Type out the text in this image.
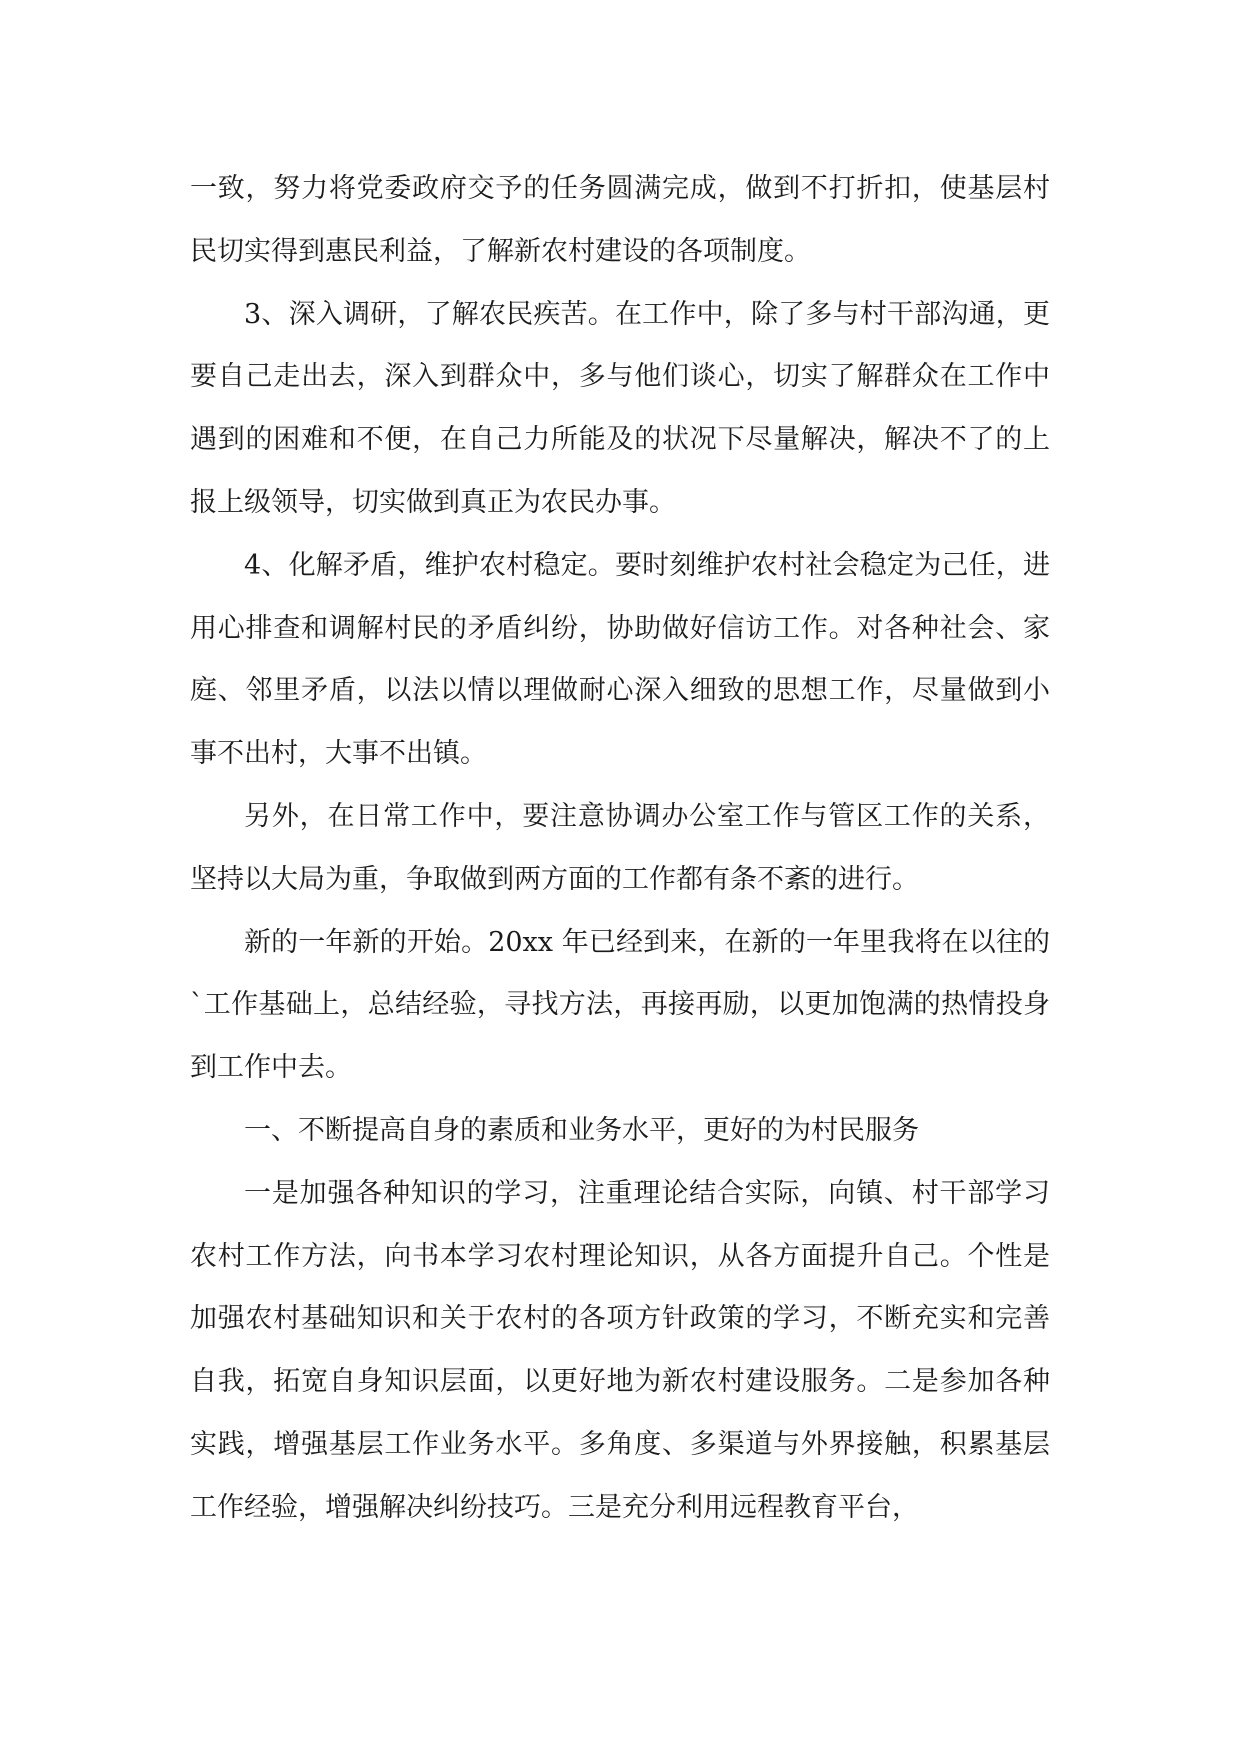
一致，努力将党委政府交予的任务圆满完成，做到不打折扣，使基层村民切实得到惠民利益，了解新农村建设的各项制度。

3、深入调研，了解农民疾苦。在工作中，除了多与村干部沟通，更要自己走出去，深入到群众中，多与他们谈心，切实了解群众在工作中遇到的困难和不便，在自己力所能及的状况下尽量解决，解决不了的上报上级领导，切实做到真正为农民办事。

4、化解矛盾，维护农村稳定。要时刻维护农村社会稳定为己任，进用心排查和调解村民的矛盾纠纷，协助做好信访工作。对各种社会、家庭、邻里矛盾，以法以情以理做耐心深入细致的思想工作，尽量做到小事不出村，大事不出镇。

另外，在日常工作中，要注意协调办公室工作与管区工作的关系，坚持以大局为重，争取做到两方面的工作都有条不紊的进行。

新的一年新的开始。20xx 年已经到来，在新的一年里我将在以往的`工作基础上，总结经验，寻找方法，再接再励，以更加饱满的热情投身到工作中去。

一、不断提高自身的素质和业务水平，更好的为村民服务

一是加强各种知识的学习，注重理论结合实际，向镇、村干部学习农村工作方法，向书本学习农村理论知识，从各方面提升自己。个性是加强农村基础知识和关于农村的各项方针政策的学习，不断充实和完善自我，拓宽自身知识层面，以更好地为新农村建设服务。二是参加各种实践，增强基层工作业务水平。多角度、多渠道与外界接触，积累基层工作经验，增强解决纠纷技巧。三是充分利用远程教育平台，
